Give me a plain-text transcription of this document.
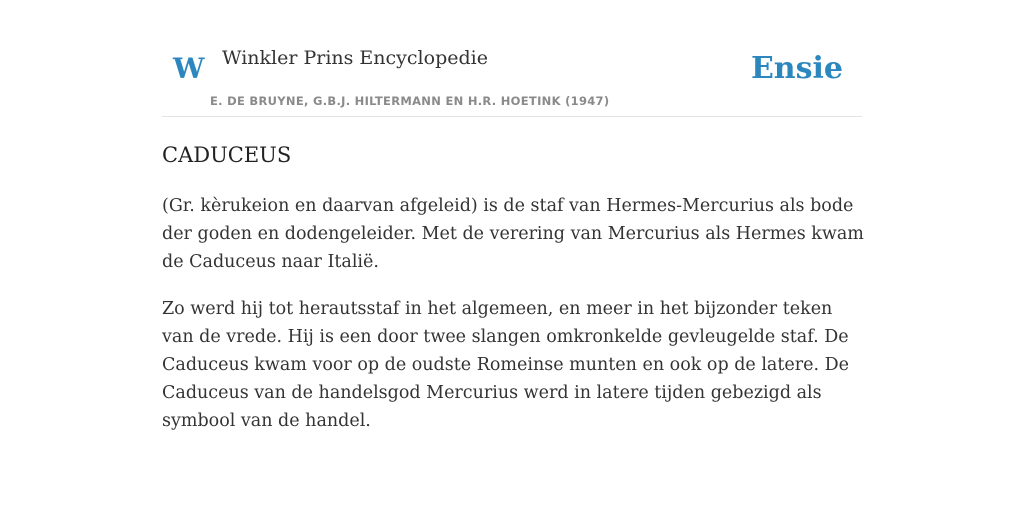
W Winkler Prins Encyclopedie
E. DE BRUYNE, G.B.J. HILTERMANN EN H.R. HOETINK (1947)
Ensie
CADUCEUS

(Gr. kèrukeion en daarvan afgeleid) is de staf van Hermes-Mercurius als bode der goden en dodengeleider. Met de verering van Mercurius als Hermes kwam de Caduceus naar Italië.

Zo werd hij tot herautsstaf in het algemeen, en meer in het bijzonder teken van de vrede. Hij is een door twee slangen omkronkelde gevleugelde staf. De Caduceus kwam voor op de oudste Romeinse munten en ook op de latere. De Caduceus van de handelsgod Mercurius werd in latere tijden gebezigd als symbool van de handel.
